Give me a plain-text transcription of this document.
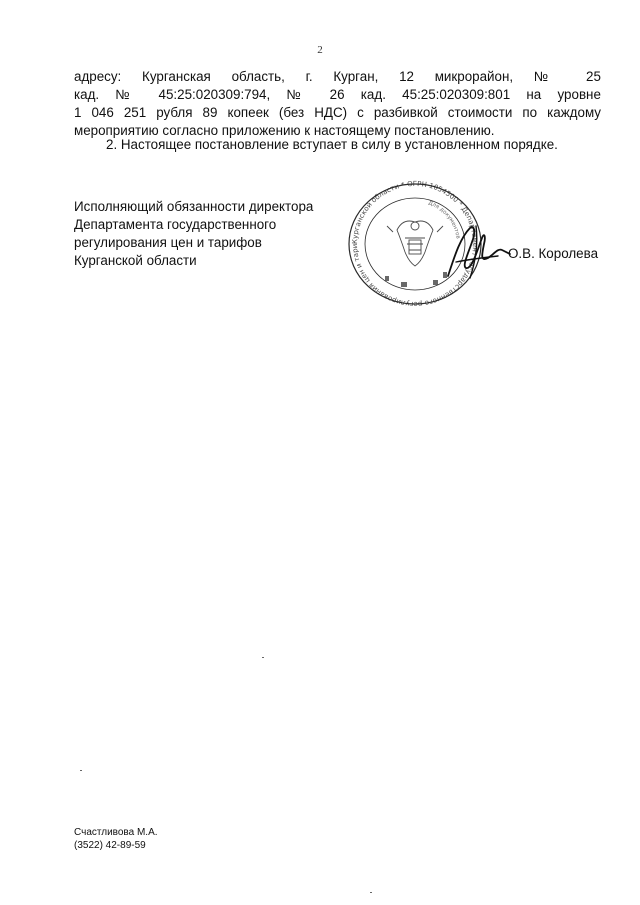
2
адресу: Курганская область, г. Курган, 12 микрорайон, № 25
кад. № 45:25:020309:794, № 26 кад. 45:25:020309:801 на уровне
1 046 251 рубля 89 копеек (без НДС) с разбивкой стоимости по каждому
мероприятию согласно приложению к настоящему постановлению.
2. Настоящее постановление вступает в силу в установленном порядке.
Исполняющий обязанности директора
Департамента государственного
регулирования цен и тарифов
Курганской области
Курганской области * ОГРН 1054500 * Департамент государственного регулирования цен и тари
Для документов
О.В. Королева
Счастливова М.А.
(3522) 42-89-59
